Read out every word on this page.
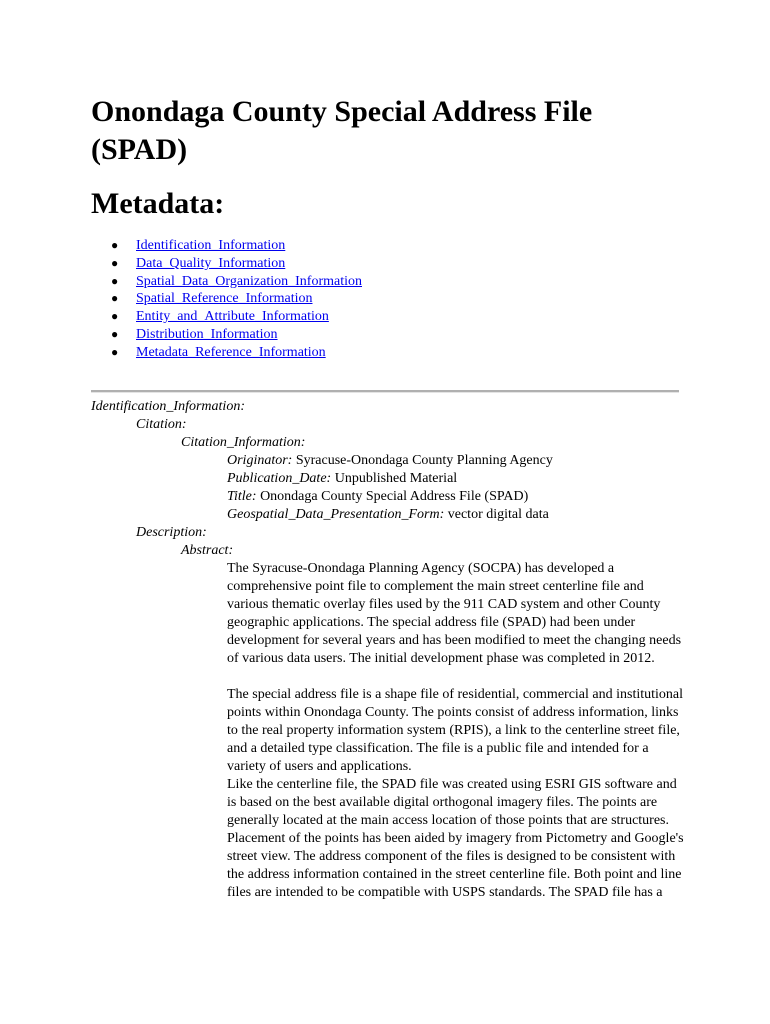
Onondaga County Special Address File (SPAD)
Metadata:
● Identification_Information
● Data_Quality_Information
● Spatial_Data_Organization_Information
● Spatial_Reference_Information
● Entity_and_Attribute_Information
● Distribution_Information
● Metadata_Reference_Information
Identification_Information:
Citation:
Citation_Information:
Originator: Syracuse-Onondaga County Planning Agency
Publication_Date: Unpublished Material
Title: Onondaga County Special Address File (SPAD)
Geospatial_Data_Presentation_Form: vector digital data
Description:
Abstract:
The Syracuse-Onondaga Planning Agency (SOCPA) has developed a comprehensive point file to complement the main street centerline file and various thematic overlay files used by the 911 CAD system and other County geographic applications. The special address file (SPAD) had been under development for several years and has been modified to meet the changing needs of various data users. The initial development phase was completed in 2012.
The special address file is a shape file of residential, commercial and institutional points within Onondaga County. The points consist of address information, links to the real property information system (RPIS), a link to the centerline street file, and a detailed type classification. The file is a public file and intended for a variety of users and applications.
Like the centerline file, the SPAD file was created using ESRI GIS software and is based on the best available digital orthogonal imagery files. The points are generally located at the main access location of those points that are structures. Placement of the points has been aided by imagery from Pictometry and Google's street view. The address component of the files is designed to be consistent with the address information contained in the street centerline file. Both point and line files are intended to be compatible with USPS standards. The SPAD file has a
